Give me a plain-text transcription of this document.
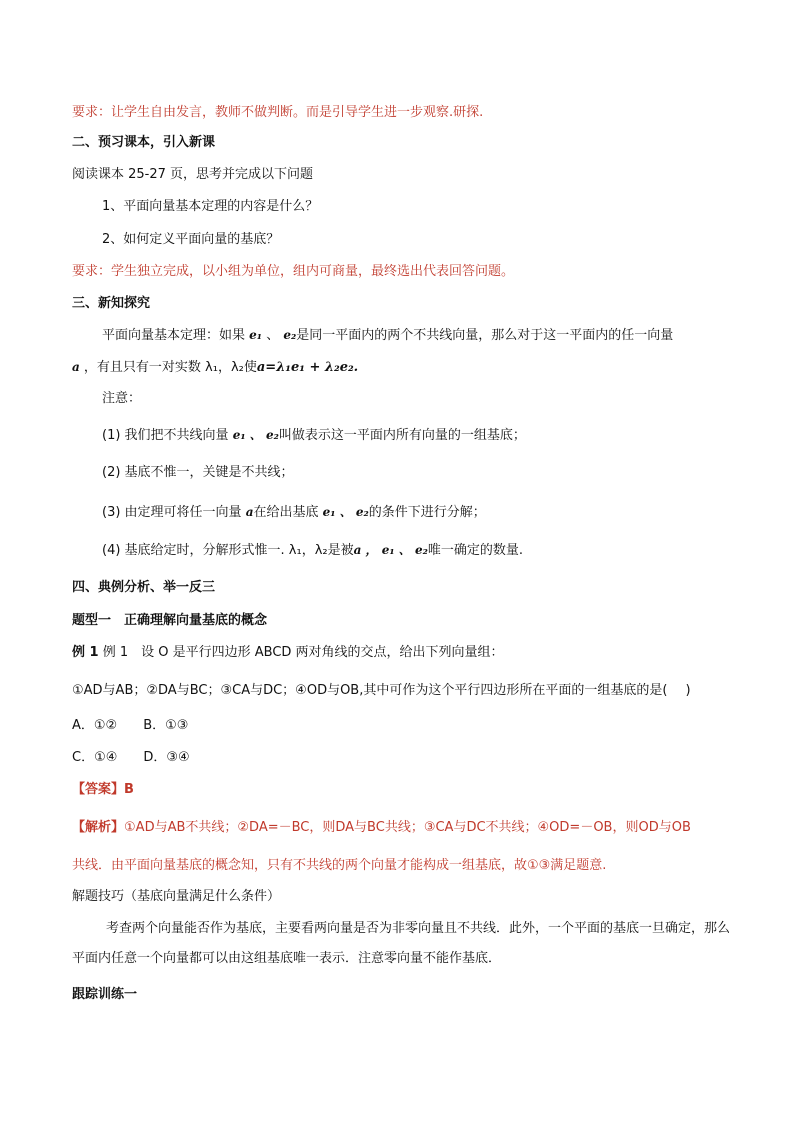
要求：让学生自由发言，教师不做判断。而是引导学生进一步观察.研探.
二、预习课本，引入新课
阅读课本 25-27 页，思考并完成以下问题
1、平面向量基本定理的内容是什么？
2、如何定义平面向量的基底？
要求：学生独立完成，以小组为单位，组内可商量，最终选出代表回答问题。
三、新知探究
平面向量基本定理：如果 e₁ 、 e₂是同一平面内的两个不共线向量，那么对于这一平面内的任一向量
a ，有且只有一对实数 λ₁，λ₂使a=λ₁e₁ + λ₂e₂.
注意：
(1) 我们把不共线向量 e₁ 、 e₂叫做表示这一平面内所有向量的一组基底；
(2) 基底不惟一，关键是不共线；
(3) 由定理可将任一向量 a在给出基底 e₁ 、 e₂的条件下进行分解；
(4) 基底给定时，分解形式惟一. λ₁，λ₂是被a ， e₁ 、 e₂唯一确定的数量.
四、典例分析、举一反三
题型一　正确理解向量基底的概念
例 1 例 1　设 O 是平行四边形 ABCD 两对角线的交点，给出下列向量组：
①AD与AB；②DA与BC；③CA与DC；④OD与OB,其中可作为这个平行四边形所在平面的一组基底的是( )
A．①② B．①③
C．①④ D．③④
【答案】B
【解析】①AD与AB不共线；②DA=－BC，则DA与BC共线；③CA与DC不共线；④OD=－OB，则OD与OB
共线．由平面向量基底的概念知，只有不共线的两个向量才能构成一组基底，故①③满足题意.
解题技巧（基底向量满足什么条件）
考查两个向量能否作为基底，主要看两向量是否为非零向量且不共线．此外，一个平面的基底一旦确定，那么平面内任意一个向量都可以由这组基底唯一表示．注意零向量不能作基底．
跟踪训练一
